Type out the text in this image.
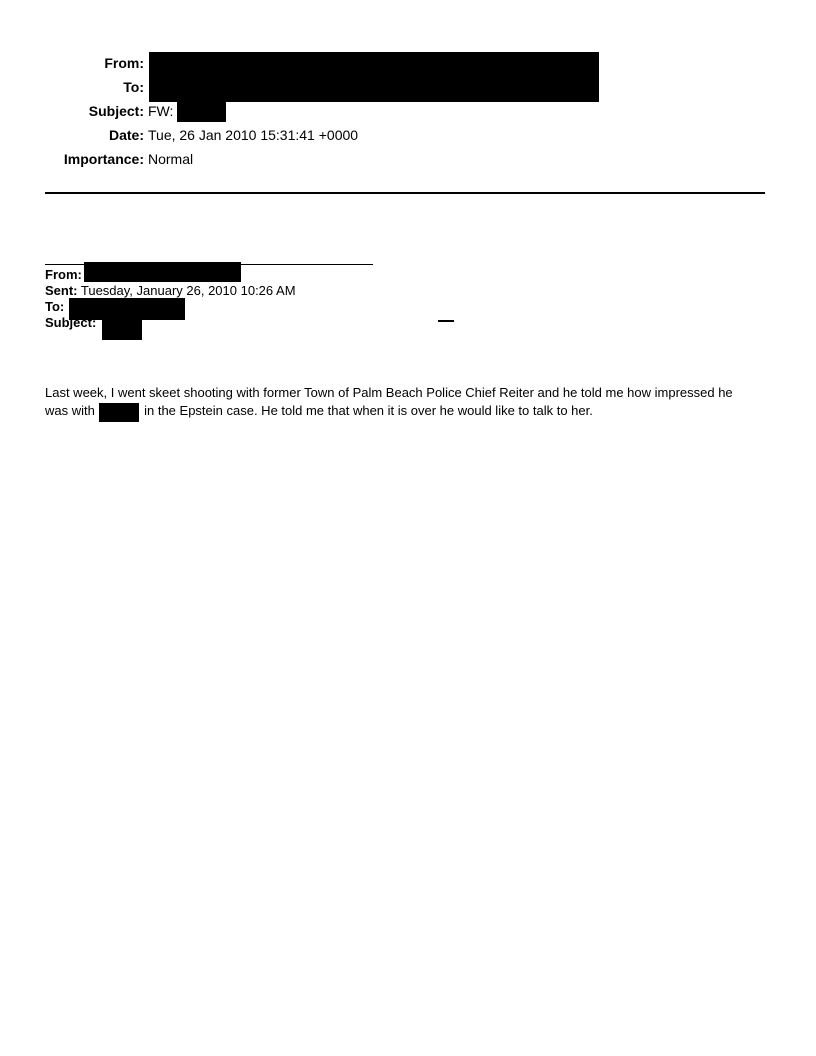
From:
To:
Subject: FW:
Date: Tue, 26 Jan 2010 15:31:41 +0000
Importance: Normal
From:
Sent: Tuesday, January 26, 2010 10:26 AM
To:
Subject:
Last week, I went skeet shooting with former Town of Palm Beach Police Chief Reiter and he told me how impressed he
was with	in the Epstein case. He told me that when it is over he would like to talk to her.
